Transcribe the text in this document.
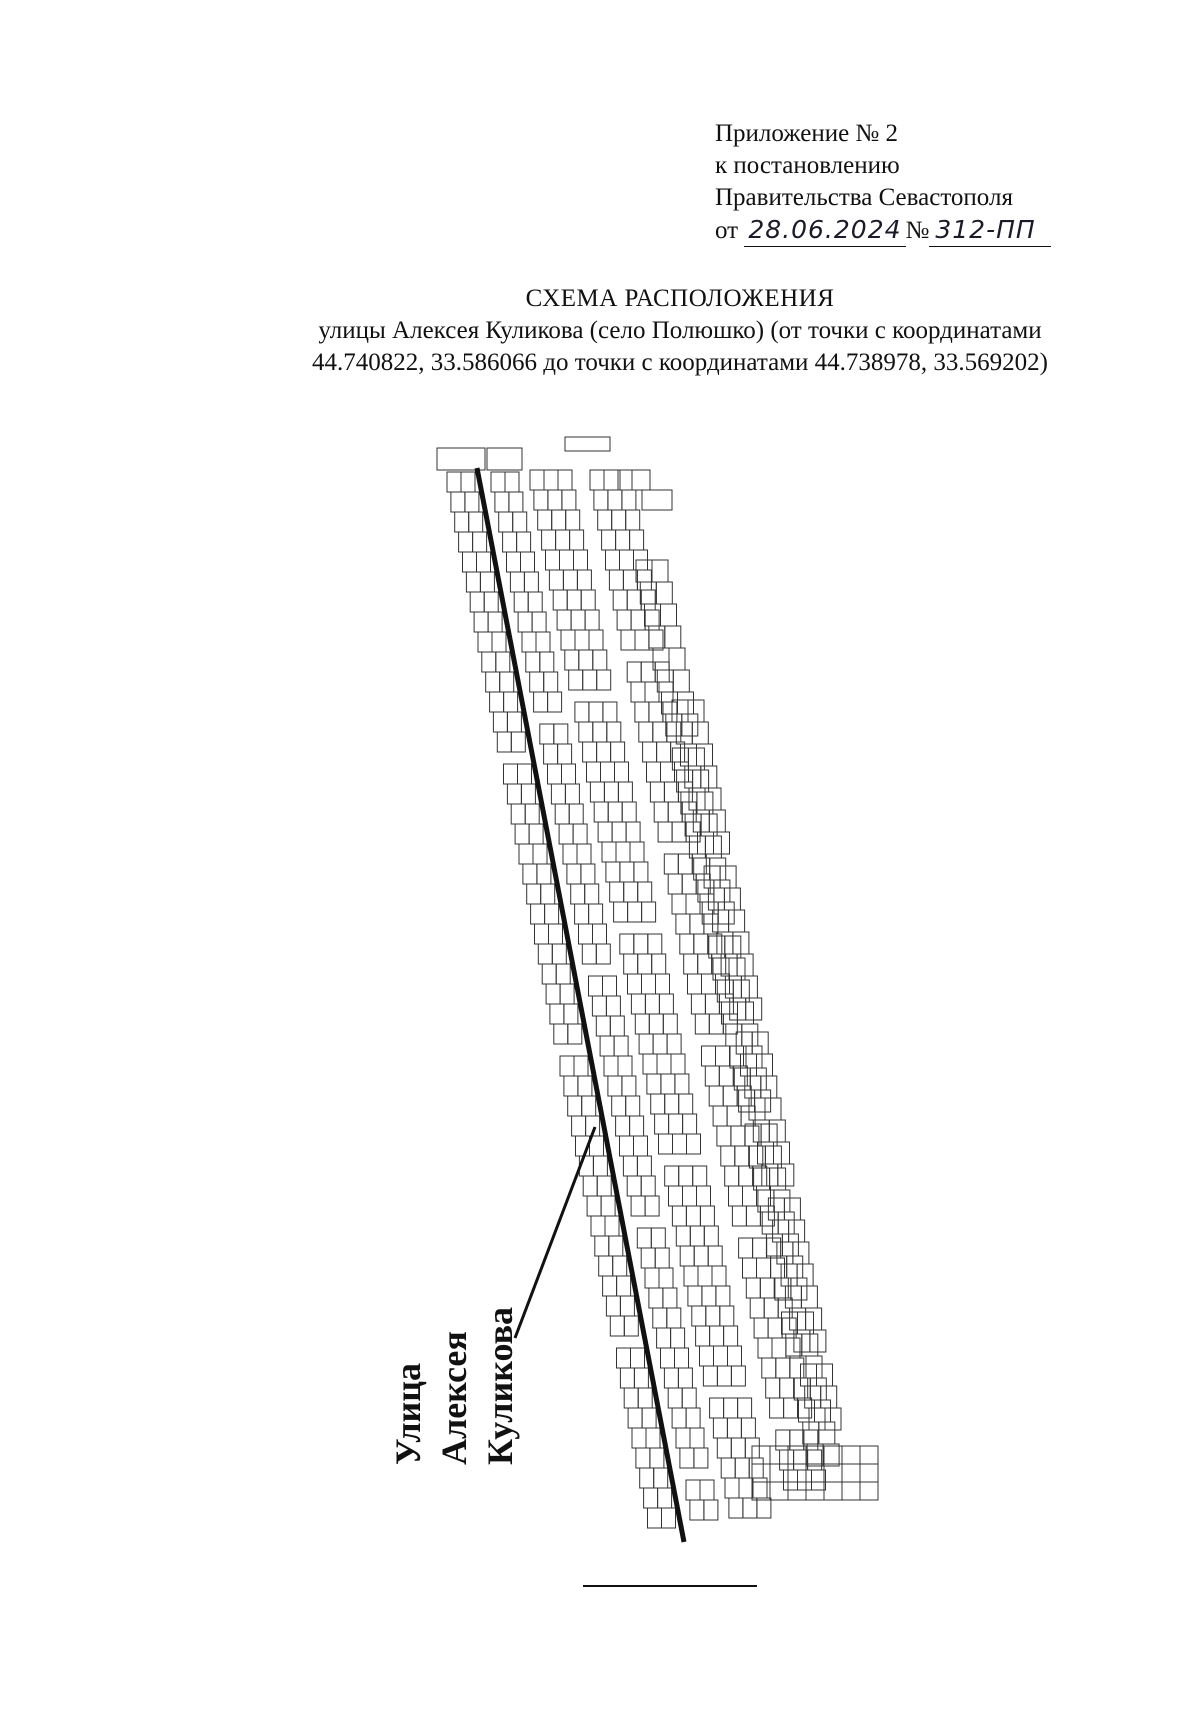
Приложение № 2
к постановлению
Правительства Севастополя
от 28.06.2024 № 312-ПП
СХЕМА РАСПОЛОЖЕНИЯ
улицы Алексея Куликова (село Полюшко) (от точки с координатами
44.740822, 33.586066 до точки с координатами 44.738978, 33.569202)
Улица Алексея Куликова
